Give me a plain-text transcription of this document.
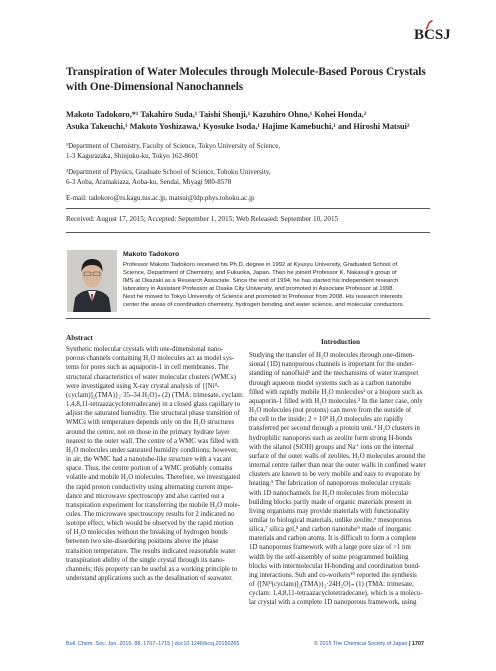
BCSJ
Transpiration of Water Molecules through Molecule-Based Porous Crystals with One-Dimensional Nanochannels
Makoto Tadokoro,*¹ Takahiro Suda,¹ Taishi Shouji,¹ Kazuhiro Ohno,¹ Kohei Honda,²
Asuka Takeuchi,¹ Makoto Yoshizawa,¹ Kyosuke Isoda,¹ Hajime Kamebuchi,¹ and Hiroshi Matsui²
¹Department of Chemistry, Faculty of Science, Tokyo University of Science,
1-3 Kagurazaka, Shinjuku-ku, Tokyo 162-8601
²Department of Physics, Graduate School of Science, Tohoku University,
6-3 Aoba, Aramakiaza, Aoba-ku, Sendai, Miyagi 980-8578
E-mail: tadokoro@rs.kagu.tus.ac.jp, matsui@ldp.phys.tohoku.ac.jp
Received: August 17, 2015; Accepted: September 1, 2015; Web Released: September 10, 2015
Makoto Tadokoro
Professor Makoto Tadokoro received his Ph.D. degree in 1992 at Kyusyu University, Graduated School of
Science, Department of Chemistry, and Fukuoka, Japan. Then he joined Professor K. Nakasuji's group of
IMS at Okazaki as a Research Associate. Since the end of 1994, he has started his independent research
laboratory in Assistant Professor at Osaka City University, and promoted in Associate Professor at 1998.
Next he moved to Tokyo University of Science and promoted to Professor from 2008. His research interests
center the areas of coordination chemistry, hydrogen bonding and water science, and molecular conductors.
Abstract
Synthetic molecular crystals with one-dimensional nano-
porous channels containing H₂O molecules act as model sys-
tems for pores such as aquaporin-1 in cell membranes. The
structural characteristics of water molecular clusters (WMCs)
were investigated using X-ray crystal analysis of {[Niᴵᴵ-
(cyclam)]₂(TMA)}₂·35–34 H₂O}ₙ (2) (TMA: trimesate, cyclam:
1,4,8,11-tetraazacyclotetradecane) in a closed glass capillary to
adjust the saturated humidity. The structural phase transition of
WMCs with temperature depends only on the H₂O structures
around the centre, not on those in the primary hydrate layer
nearest to the outer wall. The centre of a WMC was filled with
H₂O molecules under saturated humidity conditions; however,
in air, the WMC had a nanotube-like structure with a vacant
space. Thus, the centre portion of a WMC probably contains
volatile and mobile H₂O molecules. Therefore, we investigated
the rapid proton conductivity using alternating current impe-
dance and microwave spectroscopy and also carried out a
transpiration experiment for transferring the mobile H₂O mole-
cules. The microwave spectroscopy results for 2 indicated no
isotope effect, which would be observed by the rapid motion
of H₂O molecules without the breaking of hydrogen bonds
between two site-disordering positions above the phase
transition temperature. The results indicated reasonable water
transpiration ability of the single crystal through its nano-
channels; this property can be useful as a working principle to
understand applications such as the desalination of seawater.
Introduction
Studying the transfer of H₂O molecules through one-dimen-
sional (1D) nanoporous channels is important for the under-
standing of nanofluid¹ and the mechanisms of water transport
through aqueous model systems such as a carbon nanotube
filled with rapidly mobile H₂O molecules² or a biopore such as
aquaporin-1 filled with H₂O molecules.³ In the latter case, only
H₂O molecules (not protons) can move from the outside of
the cell to the inside; 2 × 10⁹ H₂O molecules are rapidly
transferred per second through a protein unit.⁴ H₂O clusters in
hydrophilic nanopores such as zeolite form strong H-bonds
with the silanol (SiOH) groups and Na⁺ ions on the internal
surface of the outer walls of zeolites. H₂O molecules around the
internal centre rather than near the outer walls in confined water
clusters are known to be very mobile and easy to evaporate by
heating.⁵ The fabrication of nanoporous molecular crystals
with 1D nanochannels for H₂O molecules from molecular
building blocks partly made of organic materials present in
living organisms may provide materials with functionality
similar to biological materials, unlike zeolite,⁶ mesoporous
silica,⁷ silica gel,⁸ and carbon nanotube⁹ made of inorganic
materials and carbon atoms. It is difficult to form a complete
1D nanoporous framework with a large pore size of >1 nm
width by the self-assembly of some programmed building
blocks with intermolecular H-bonding and coordination bond-
ing interactions. Suh and co-workers¹⁰ reported the synthesis
of {[Niᴵᴵ(cyclam)]₂(TMA)}₂·24H₂O}ₙ (1) (TMA: trimesate,
cyclam: 1,4,8,11-tetraazacyclotetradecane), which is a molecu-
lar crystal with a complete 1D nanoporous framework, using
Bull. Chem. Soc. Jpn. 2015, 88, 1707–1715 | doi:10.1246/bcsj.20150265	© 2015 The Chemical Society of Japan | 1707
